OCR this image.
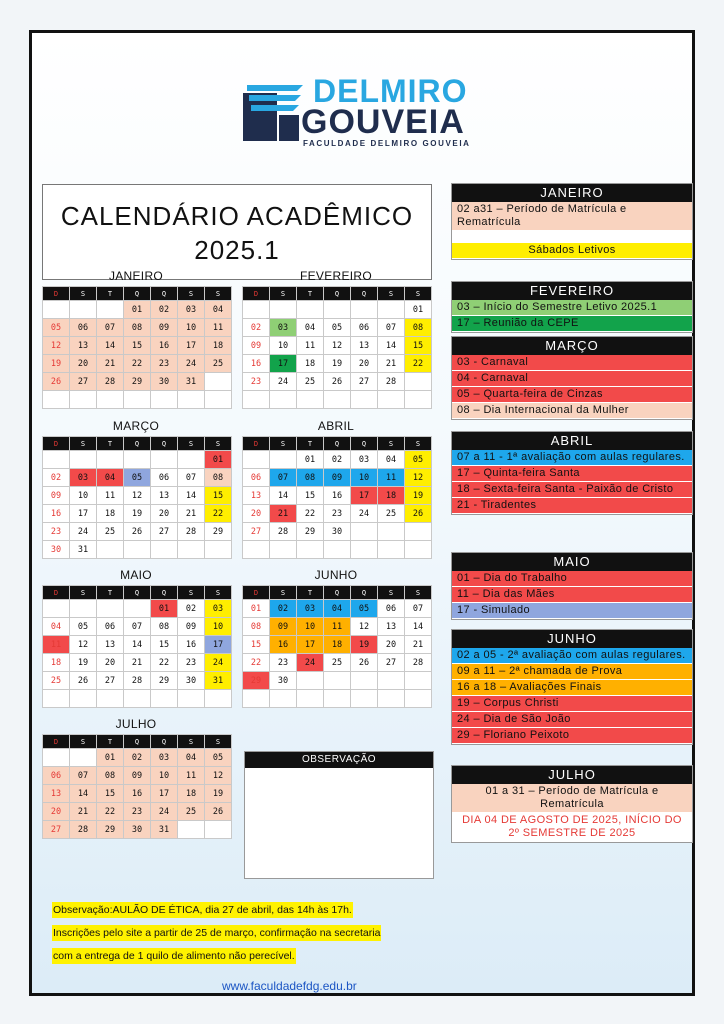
DELMIRO
GOUVEIA
FACULDADE DELMIRO GOUVEIA
CALENDÁRIO ACADÊMICO
2025.1
JANEIRO
D	S	T	Q	Q	S	S
			01	02	03	04
05	06	07	08	09	10	11
12	13	14	15	16	17	18
19	20	21	22	23	24	25
26	27	28	29	30	31	

FEVEREIRO
D	S	T	Q	Q	S	S
						01
02	03	04	05	06	07	08
09	10	11	12	13	14	15
16	17	18	19	20	21	22
23	24	25	26	27	28	

MARÇO
D	S	T	Q	Q	S	S
						01
02	03	04	05	06	07	08
09	10	11	12	13	14	15
16	17	18	19	20	21	22
23	24	25	26	27	28	29
30	31					
ABRIL
D	S	T	Q	Q	S	S
		01	02	03	04	05
06	07	08	09	10	11	12
13	14	15	16	17	18	19
20	21	22	23	24	25	26
27	28	29	30			

MAIO
D	S	T	Q	Q	S	S
				01	02	03
04	05	06	07	08	09	10
11	12	13	14	15	16	17
18	19	20	21	22	23	24
25	26	27	28	29	30	31

JUNHO
D	S	T	Q	Q	S	S
01	02	03	04	05	06	07
08	09	10	11	12	13	14
15	16	17	18	19	20	21
22	23	24	25	26	27	28
29	30					

JULHO
D	S	T	Q	Q	S	S
		01	02	03	04	05
06	07	08	09	10	11	12
13	14	15	16	17	18	19
20	21	22	23	24	25	26
27	28	29	30	31		
OBSERVAÇÃO
Observação:AULÃO DE ÉTICA, dia 27 de abril, das 14h às 17h. Inscrições pelo site a partir de 25 de março, confirmação na secretaria com a entrega de 1 quilo de alimento não perecível.
www.faculdadefdg.edu.br
JANEIRO
02 a31 – Período de Matrícula e Rematrícula
Sábados Letivos
FEVEREIRO
03 – Início do Semestre Letivo 2025.1
17 – Reunião da CEPE
MARÇO
03 - Carnaval
04 - Carnaval
05 – Quarta-feira de Cinzas
08 – Dia Internacional da Mulher
ABRIL
07 a 11 - 1ª avaliação com aulas regulares.
17 – Quinta-feira Santa
18 – Sexta-feira Santa - Paixão de Cristo
21 - Tiradentes
MAIO
01 – Dia do Trabalho
11 – Dia das Mães
17 - Simulado
JUNHO
02 a 05 - 2ª avaliação com aulas regulares.
09 a 11 – 2ª chamada de Prova
16 a 18 – Avaliações Finais
19 – Corpus Christi
24 – Dia de São João
29 – Floriano Peixoto
JULHO
01 a 31 – Período de Matrícula e Rematrícula
DIA 04 DE AGOSTO DE 2025, INÍCIO DO 2º SEMESTRE DE 2025
